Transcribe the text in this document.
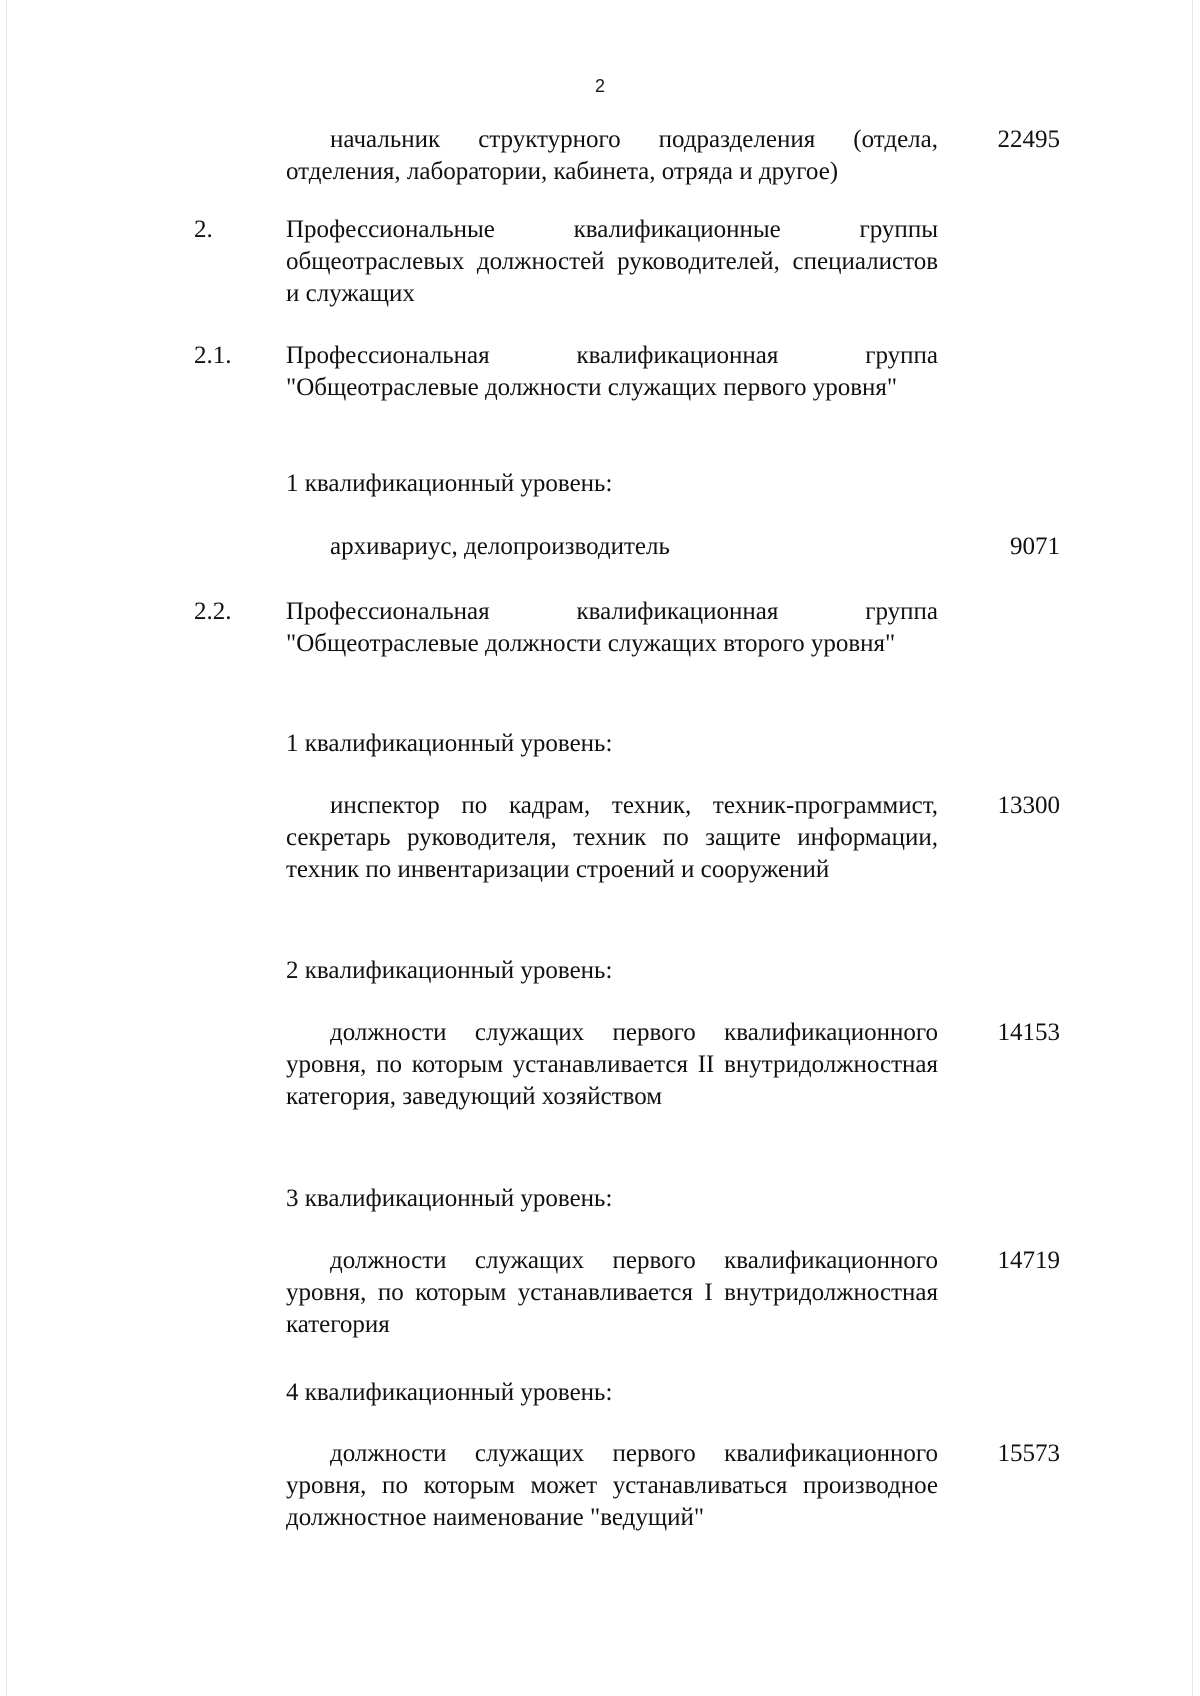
2
начальник структурного подразделения (отдела, отделения, лаборатории, кабинета, отряда и другое)
22495
2.	Профессиональные квалификационные группы общеотраслевых должностей руководителей, специалистов и служащих
2.1. Профессиональная квалификационная группа "Общеотраслевые должности служащих первого уровня"
1 квалификационный уровень:
архивариус, делопроизводитель	9071
2.2. Профессиональная квалификационная группа "Общеотраслевые должности служащих второго уровня"
1 квалификационный уровень:
инспектор по кадрам, техник, техник-программист, секретарь руководителя, техник по защите информации, техник по инвентаризации строений и сооружений
13300
2 квалификационный уровень:
должности служащих первого квалификационного уровня, по которым устанавливается II внутридолжностная категория, заведующий хозяйством
14153
3 квалификационный уровень:
должности служащих первого квалификационного уровня, по которым устанавливается I внутридолжностная категория
14719
4 квалификационный уровень:
должности служащих первого квалификационного уровня, по которым может устанавливаться производное должностное наименование "ведущий"
15573
